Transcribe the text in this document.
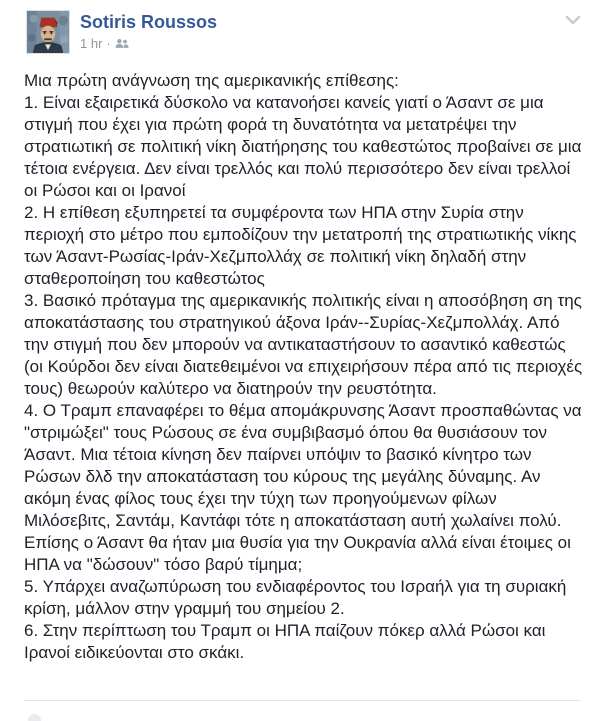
Sotiris Roussos
1 hr ·

Μια πρώτη ανάγνωση της αμερικανικής επίθεσης:

1. Είναι εξαιρετικά δύσκολο να κατανοήσει κανείς γιατί ο Άσαντ σε μια στιγμή που έχει για πρώτη φορά τη δυνατότητα να μετατρέψει την στρατιωτική σε πολιτική νίκη διατήρησης του καθεστώτος προβαίνει σε μια τέτοια ενέργεια. Δεν είναι τρελλός και πολύ περισσότερο δεν είναι τρελλοί οι Ρώσοι και οι Ιρανοί

2. Η επίθεση εξυπηρετεί τα συμφέροντα των ΗΠΑ στην Συρία στην περιοχή στο μέτρο που εμποδίζουν την μετατροπή της στρατιωτικής νίκης των Άσαντ-Ρωσίας-Ιράν-Χεζμπολλάχ σε πολιτική νίκη δηλαδή στην σταθεροποίηση του καθεστώτος

3. Βασικό πρόταγμα της αμερικανικής πολιτικής είναι η αποσόβηση ση της αποκατάστασης του στρατηγικού άξονα Ιράν--Συρίας-Χεζμπολλάχ. Από την στιγμή που δεν μπορούν να αντικαταστήσουν το ασαντικό καθεστώς (οι Κούρδοι δεν είναι διατεθειμένοι να επιχειρήσουν πέρα από τις περιοχές τους) θεωρούν καλύτερο να διατηρούν την ρευστότητα.

4. Ο Τραμπ επαναφέρει το θέμα απομάκρυνσης Άσαντ προσπαθώντας να "στριμώξει" τους Ρώσους σε ένα συμβιβασμό όπου θα θυσιάσουν τον Άσαντ. Μια τέτοια κίνηση δεν παίρνει υπόψιν το βασικό κίνητρο των Ρώσων δλδ την αποκατάσταση του κύρους της μεγάλης δύναμης. Αν ακόμη ένας φίλος τους έχει την τύχη των προηγούμενων φίλων Μιλόσεβιτς, Σαντάμ, Καντάφι τότε η αποκατάσταση αυτή χωλαίνει πολύ. Επίσης ο Άσαντ θα ήταν μια θυσία για την Ουκρανία αλλά είναι έτοιμες οι ΗΠΑ να "δώσουν" τόσο βαρύ τίμημα;

5. Υπάρχει αναζωπύρωση του ενδιαφέροντος του Ισραήλ για τη συριακή κρίση, μάλλον στην γραμμή του σημείου 2.

6. Στην περίπτωση του Τραμπ οι ΗΠΑ παίζουν πόκερ αλλά Ρώσοι και Ιρανοί ειδικεύονται στο σκάκι.
